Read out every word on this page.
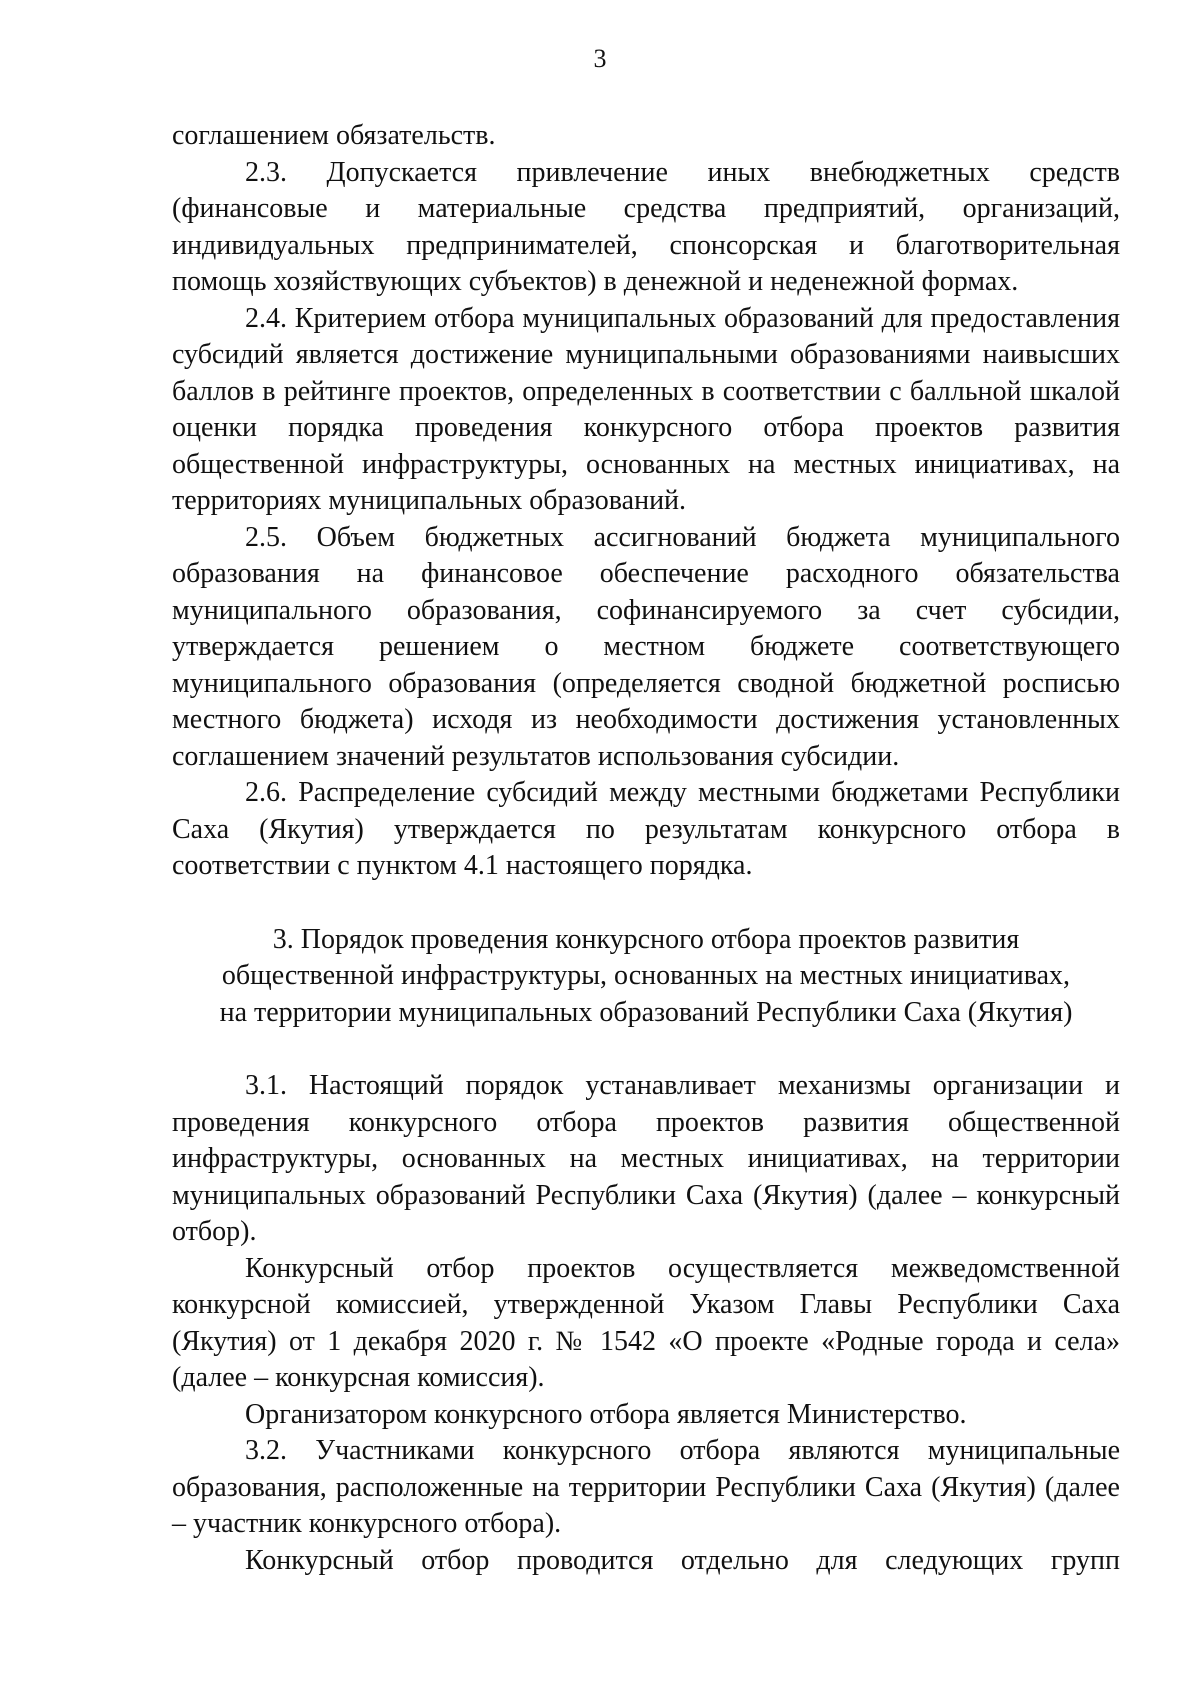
3

соглашением обязательств.

2.3. Допускается привлечение иных внебюджетных средств (финансовые и материальные средства предприятий, организаций, индивидуальных предпринимателей, спонсорская и благотворительная помощь хозяйствующих субъектов) в денежной и неденежной формах.

2.4. Критерием отбора муниципальных образований для предоставления субсидий является достижение муниципальными образованиями наивысших баллов в рейтинге проектов, определенных в соответствии с балльной шкалой оценки порядка проведения конкурсного отбора проектов развития общественной инфраструктуры, основанных на местных инициативах, на территориях муниципальных образований.

2.5. Объем бюджетных ассигнований бюджета муниципального образования на финансовое обеспечение расходного обязательства муниципального образования, софинансируемого за счет субсидии, утверждается решением о местном бюджете соответствующего муниципального образования (определяется сводной бюджетной росписью местного бюджета) исходя из необходимости достижения установленных соглашением значений результатов использования субсидии.

2.6. Распределение субсидий между местными бюджетами Республики Саха (Якутия) утверждается по результатам конкурсного отбора в соответствии с пунктом 4.1 настоящего порядка.

3. Порядок проведения конкурсного отбора проектов развития
общественной инфраструктуры, основанных на местных инициативах,
на территории муниципальных образований Республики Саха (Якутия)

3.1. Настоящий порядок устанавливает механизмы организации и проведения конкурсного отбора проектов развития общественной инфраструктуры, основанных на местных инициативах, на территории муниципальных образований Республики Саха (Якутия) (далее – конкурсный отбор).

Конкурсный отбор проектов осуществляется межведомственной конкурсной комиссией, утвержденной Указом Главы Республики Саха (Якутия) от 1 декабря 2020 г. № 1542 «О проекте «Родные города и села» (далее – конкурсная комиссия).

Организатором конкурсного отбора является Министерство.

3.2. Участниками конкурсного отбора являются муниципальные образования, расположенные на территории Республики Саха (Якутия) (далее – участник конкурсного отбора).

Конкурсный отбор проводится отдельно для следующих групп
